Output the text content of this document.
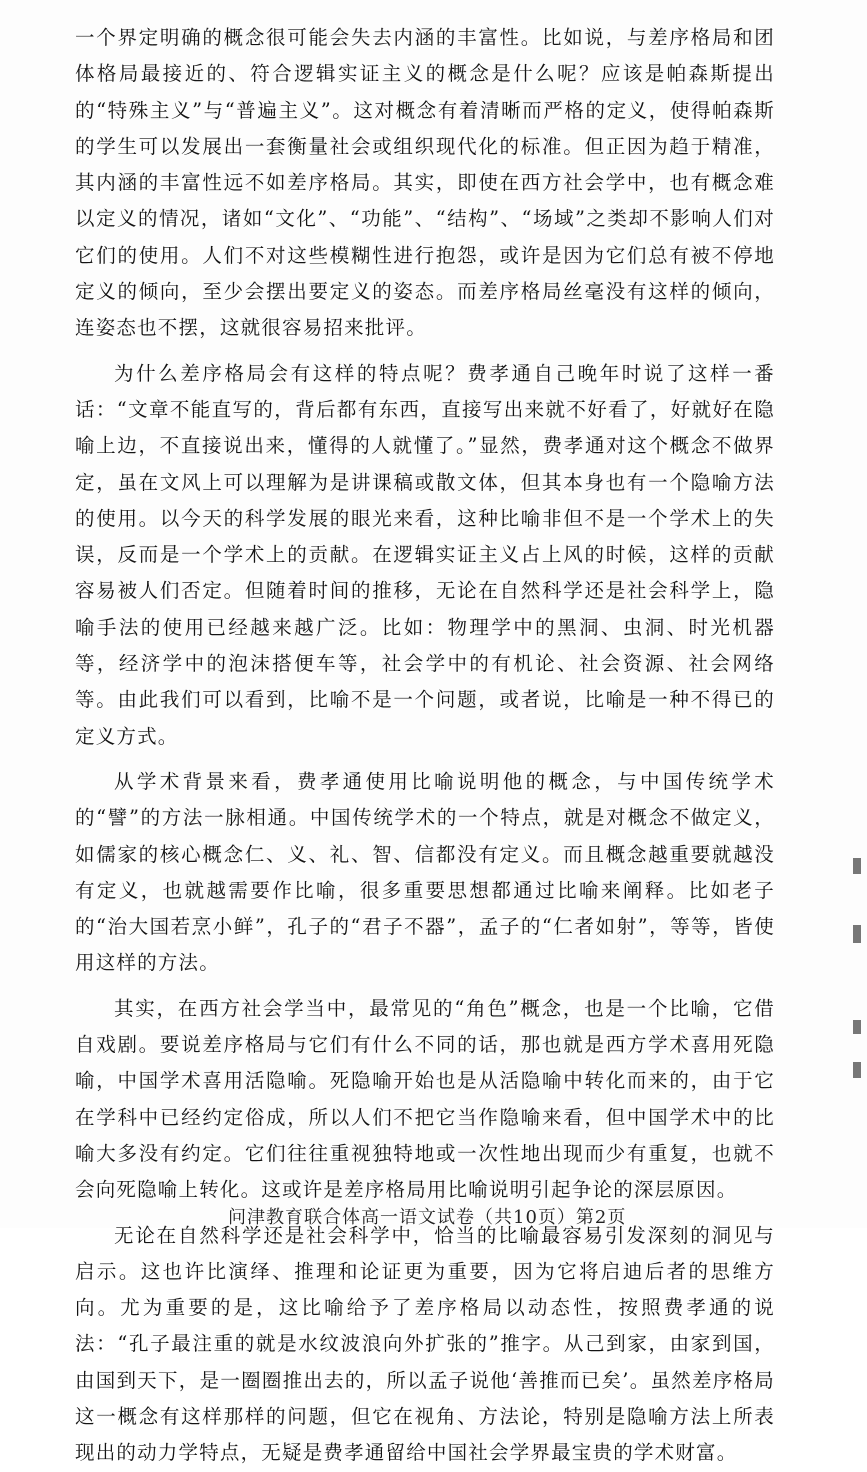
一个界定明确的概念很可能会失去内涵的丰富性。比如说，与差序格局和团体格局最接近的、符合逻辑实证主义的概念是什么呢？应该是帕森斯提出的“特殊主义”与“普遍主义”。这对概念有着清晰而严格的定义，使得帕森斯的学生可以发展出一套衡量社会或组织现代化的标准。但正因为趋于精准，其内涵的丰富性远不如差序格局。其实，即使在西方社会学中，也有概念难以定义的情况，诸如“文化”、“功能”、“结构”、“场域”之类却不影响人们对它们的使用。人们不对这些模糊性进行抱怨，或许是因为它们总有被不停地定义的倾向，至少会摆出要定义的姿态。而差序格局丝毫没有这样的倾向，连姿态也不摆，这就很容易招来批评。

为什么差序格局会有这样的特点呢？费孝通自己晚年时说了这样一番话：“文章不能直写的，背后都有东西，直接写出来就不好看了，好就好在隐喻上边，不直接说出来，懂得的人就懂了。”显然，费孝通对这个概念不做界定，虽在文风上可以理解为是讲课稿或散文体，但其本身也有一个隐喻方法的使用。以今天的科学发展的眼光来看，这种比喻非但不是一个学术上的失误，反而是一个学术上的贡献。在逻辑实证主义占上风的时候，这样的贡献容易被人们否定。但随着时间的推移，无论在自然科学还是社会科学上，隐喻手法的使用已经越来越广泛。比如：物理学中的黑洞、虫洞、时光机器等，经济学中的泡沫搭便车等，社会学中的有机论、社会资源、社会网络等。由此我们可以看到，比喻不是一个问题，或者说，比喻是一种不得已的定义方式。

从学术背景来看，费孝通使用比喻说明他的概念，与中国传统学术的“譬”的方法一脉相通。中国传统学术的一个特点，就是对概念不做定义，如儒家的核心概念仁、义、礼、智、信都没有定义。而且概念越重要就越没有定义，也就越需要作比喻，很多重要思想都通过比喻来阐释。比如老子的“治大国若烹小鲜”，孔子的“君子不器”，孟子的“仁者如射”，等等，皆使用这样的方法。

其实，在西方社会学当中，最常见的“角色”概念，也是一个比喻，它借自戏剧。要说差序格局与它们有什么不同的话，那也就是西方学术喜用死隐喻，中国学术喜用活隐喻。死隐喻开始也是从活隐喻中转化而来的，由于它在学科中已经约定俗成，所以人们不把它当作隐喻来看，但中国学术中的比喻大多没有约定。它们往往重视独特地或一次性地出现而少有重复，也就不会向死隐喻上转化。这或许是差序格局用比喻说明引起争论的深层原因。

无论在自然科学还是社会科学中，恰当的比喻最容易引发深刻的洞见与启示。这也许比演绎、推理和论证更为重要，因为它将启迪后者的思维方向。尤为重要的是，这比喻给予了差序格局以动态性，按照费孝通的说法：“孔子最注重的就是水纹波浪向外扩张的”推字。从己到家，由家到国，由国到天下，是一圈圈推出去的，所以孟子说他‘善推而已矣’。虽然差序格局这一概念有这样那样的问题，但它在视角、方法论，特别是隐喻方法上所表现出的动力学特点，无疑是费孝通留给中国社会学界最宝贵的学术财富。

问津教育联合体高一语文试卷（共10页）第2页
